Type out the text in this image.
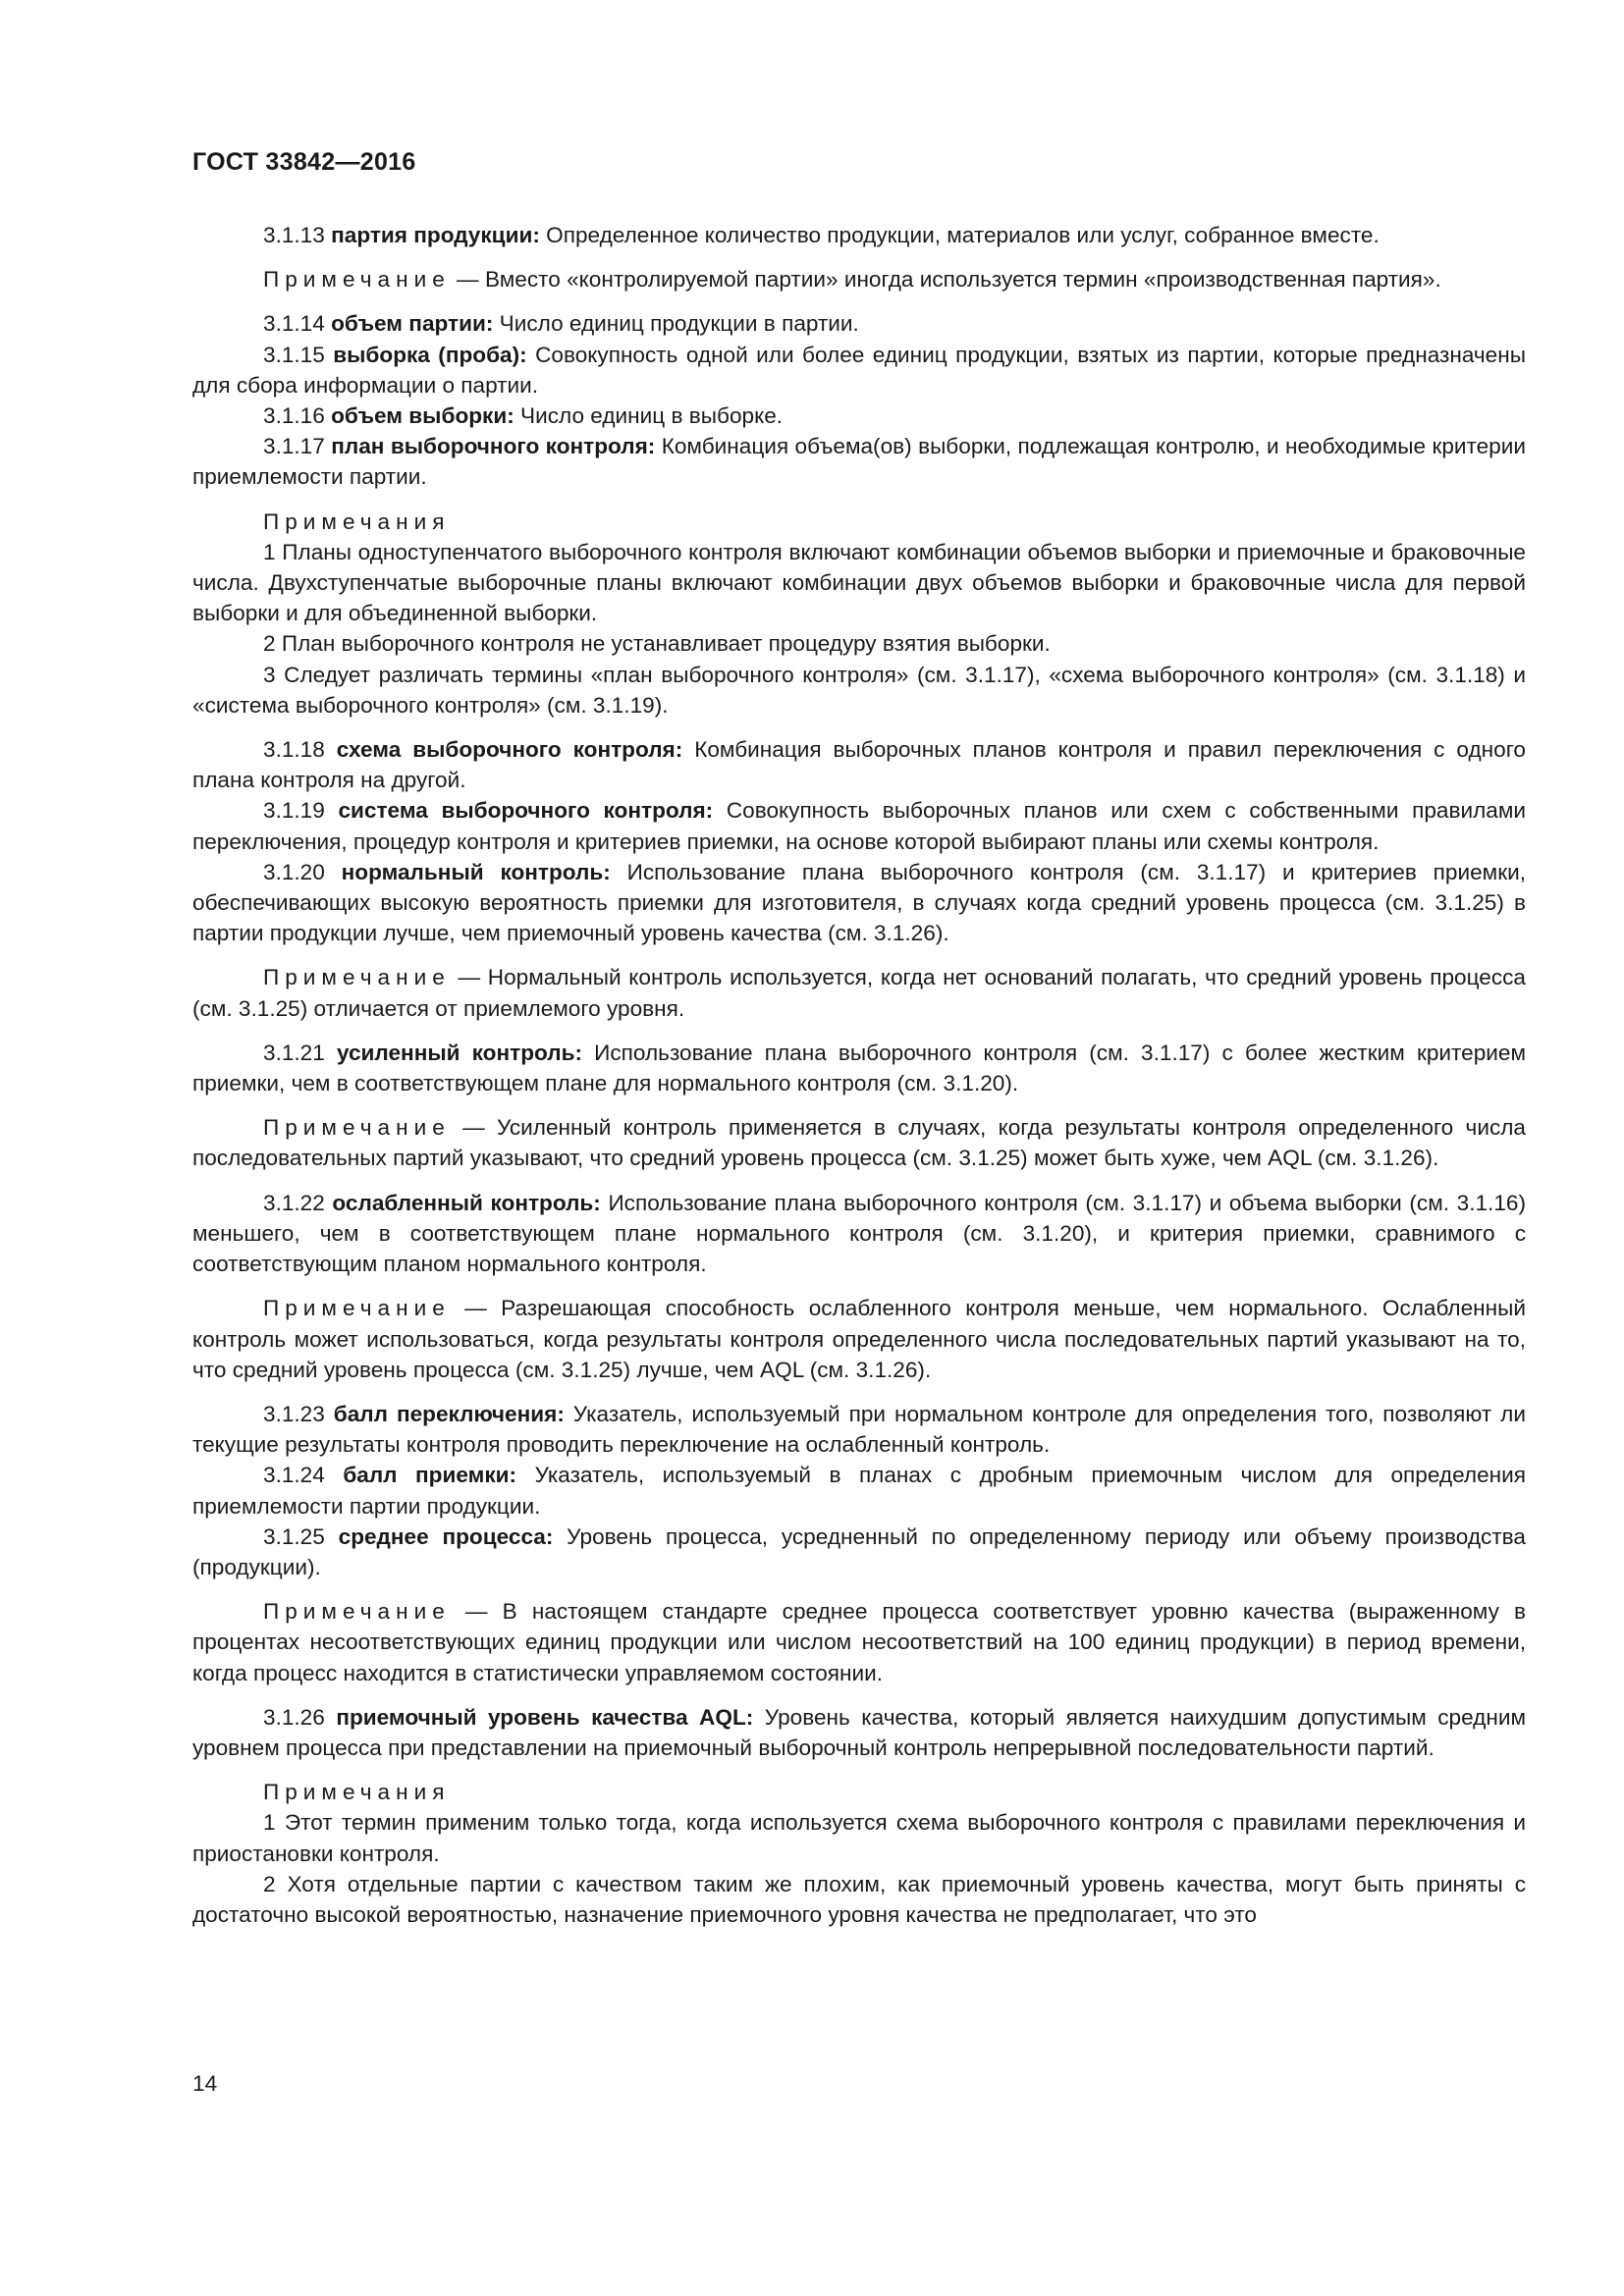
ГОСТ 33842—2016

3.1.13 партия продукции: Определенное количество продукции, материалов или услуг, собранное вместе.

Примечание — Вместо «контролируемой партии» иногда используется термин «производственная партия».

3.1.14 объем партии: Число единиц продукции в партии.

3.1.15 выборка (проба): Совокупность одной или более единиц продукции, взятых из партии, которые предназначены для сбора информации о партии.

3.1.16 объем выборки: Число единиц в выборке.

3.1.17 план выборочного контроля: Комбинация объема(ов) выборки, подлежащая контролю, и необходимые критерии приемлемости партии.

Примечания

1 Планы одноступенчатого выборочного контроля включают комбинации объемов выборки и приемочные и браковочные числа. Двухступенчатые выборочные планы включают комбинации двух объемов выборки и браковочные числа для первой выборки и для объединенной выборки.

2 План выборочного контроля не устанавливает процедуру взятия выборки.

3 Следует различать термины «план выборочного контроля» (см. 3.1.17), «схема выборочного контроля» (см. 3.1.18) и «система выборочного контроля» (см. 3.1.19).

3.1.18 схема выборочного контроля: Комбинация выборочных планов контроля и правил переключения с одного плана контроля на другой.

3.1.19 система выборочного контроля: Совокупность выборочных планов или схем с собственными правилами переключения, процедур контроля и критериев приемки, на основе которой выбирают планы или схемы контроля.

3.1.20 нормальный контроль: Использование плана выборочного контроля (см. 3.1.17) и критериев приемки, обеспечивающих высокую вероятность приемки для изготовителя, в случаях когда средний уровень процесса (см. 3.1.25) в партии продукции лучше, чем приемочный уровень качества (см. 3.1.26).

Примечание — Нормальный контроль используется, когда нет оснований полагать, что средний уровень процесса (см. 3.1.25) отличается от приемлемого уровня.

3.1.21 усиленный контроль: Использование плана выборочного контроля (см. 3.1.17) с более жестким критерием приемки, чем в соответствующем плане для нормального контроля (см. 3.1.20).

Примечание — Усиленный контроль применяется в случаях, когда результаты контроля определенного числа последовательных партий указывают, что средний уровень процесса (см. 3.1.25) может быть хуже, чем AQL (см. 3.1.26).

3.1.22 ослабленный контроль: Использование плана выборочного контроля (см. 3.1.17) и объема выборки (см. 3.1.16) меньшего, чем в соответствующем плане нормального контроля (см. 3.1.20), и критерия приемки, сравнимого с соответствующим планом нормального контроля.

Примечание — Разрешающая способность ослабленного контроля меньше, чем нормального. Ослабленный контроль может использоваться, когда результаты контроля определенного числа последовательных партий указывают на то, что средний уровень процесса (см. 3.1.25) лучше, чем AQL (см. 3.1.26).

3.1.23 балл переключения: Указатель, используемый при нормальном контроле для определения того, позволяют ли текущие результаты контроля проводить переключение на ослабленный контроль.

3.1.24 балл приемки: Указатель, используемый в планах с дробным приемочным числом для определения приемлемости партии продукции.

3.1.25 среднее процесса: Уровень процесса, усредненный по определенному периоду или объему производства (продукции).

Примечание — В настоящем стандарте среднее процесса соответствует уровню качества (выраженному в процентах несоответствующих единиц продукции или числом несоответствий на 100 единиц продукции) в период времени, когда процесс находится в статистически управляемом состоянии.

3.1.26 приемочный уровень качества AQL: Уровень качества, который является наихудшим допустимым средним уровнем процесса при представлении на приемочный выборочный контроль непрерывной последовательности партий.

Примечания

1 Этот термин применим только тогда, когда используется схема выборочного контроля с правилами переключения и приостановки контроля.

2 Хотя отдельные партии с качеством таким же плохим, как приемочный уровень качества, могут быть приняты с достаточно высокой вероятностью, назначение приемочного уровня качества не предполагает, что это

14
